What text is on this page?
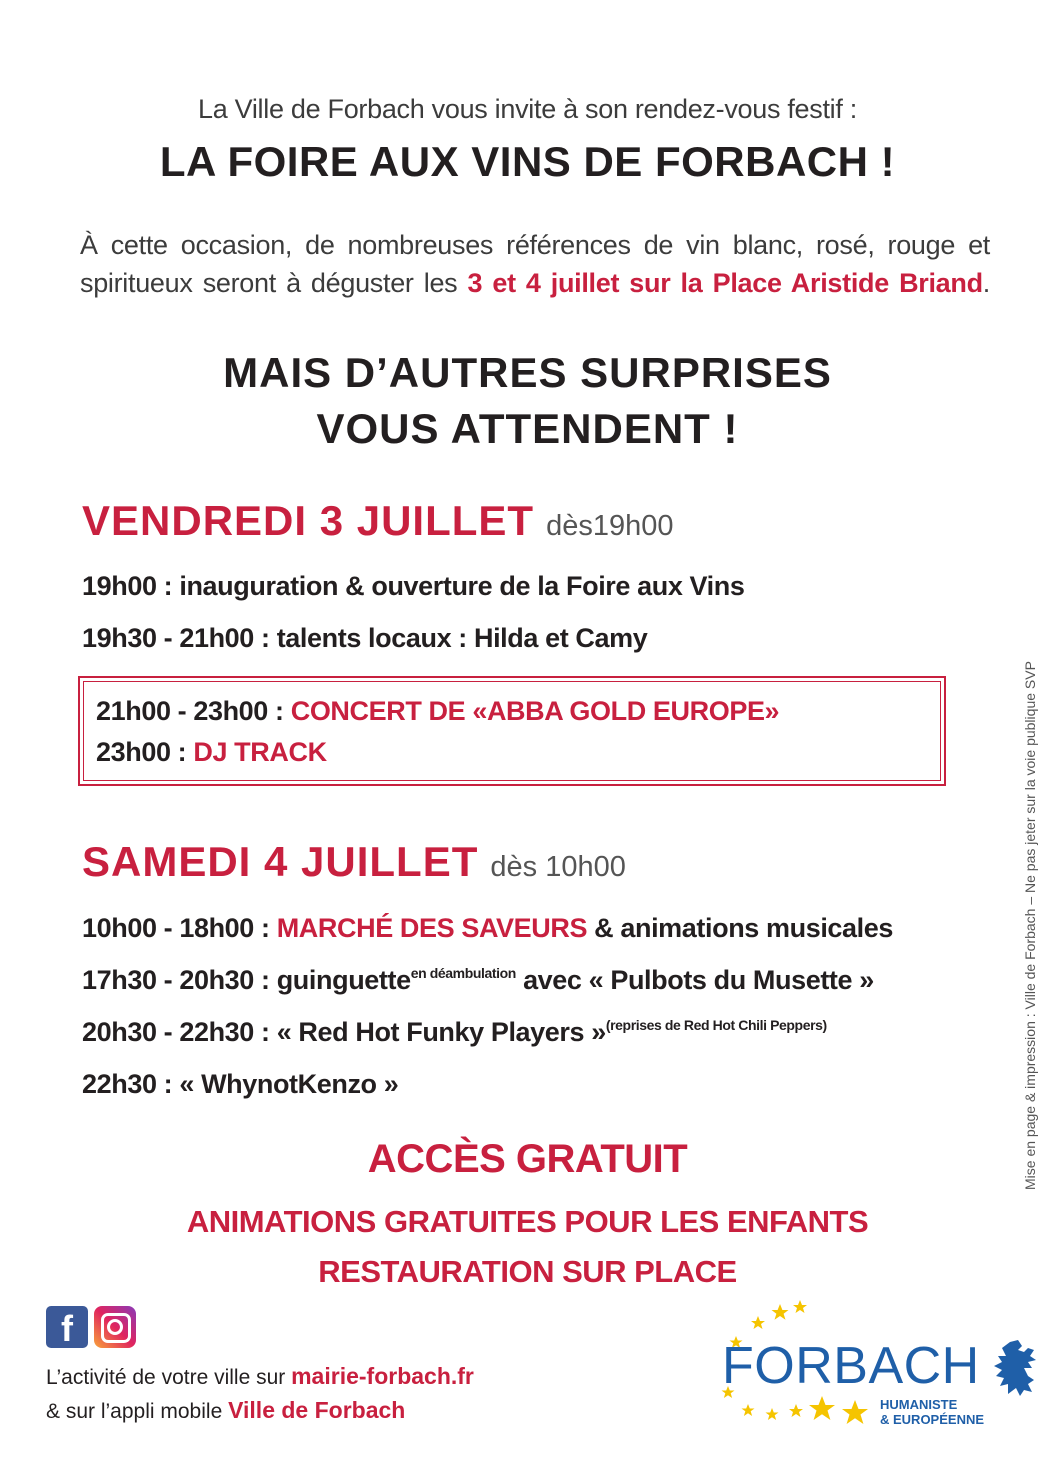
La Ville de Forbach vous invite à son rendez-vous festif :
LA FOIRE AUX VINS DE FORBACH !
À cette occasion, de nombreuses références de vin blanc, rosé, rouge et spiritueux seront à déguster les 3 et 4 juillet sur la Place Aristide Briand.
MAIS D’AUTRES SURPRISES
VOUS ATTENDENT !
VENDREDI 3 JUILLET dès19h00
19h00 : inauguration & ouverture de la Foire aux Vins
19h30 - 21h00 : talents locaux : Hilda et Camy
21h00 - 23h00 : CONCERT DE «ABBA GOLD EUROPE»
23h00 : DJ TRACK
SAMEDI 4 JUILLET dès 10h00
10h00 - 18h00 : MARCHÉ DES SAVEURS & animations musicales
17h30 - 20h30 : guinguette$^{en déambulation}$ avec « Pulbots du Musette »
20h30 - 22h30 : « Red Hot Funky Players »$^{(reprises de Red Hot Chili Peppers)}$
22h30 : « WhynotKenzo »
ACCÈS GRATUIT
ANIMATIONS GRATUITES POUR LES ENFANTS
RESTAURATION SUR PLACE
f
L’activité de votre ville sur mairie-forbach.fr
& sur l’appli mobile Ville de Forbach
FORBACH
HUMANISTE
& EUROPÉENNE
Mise en page & impression : Ville de Forbach – Ne pas jeter sur la voie publique SVP
